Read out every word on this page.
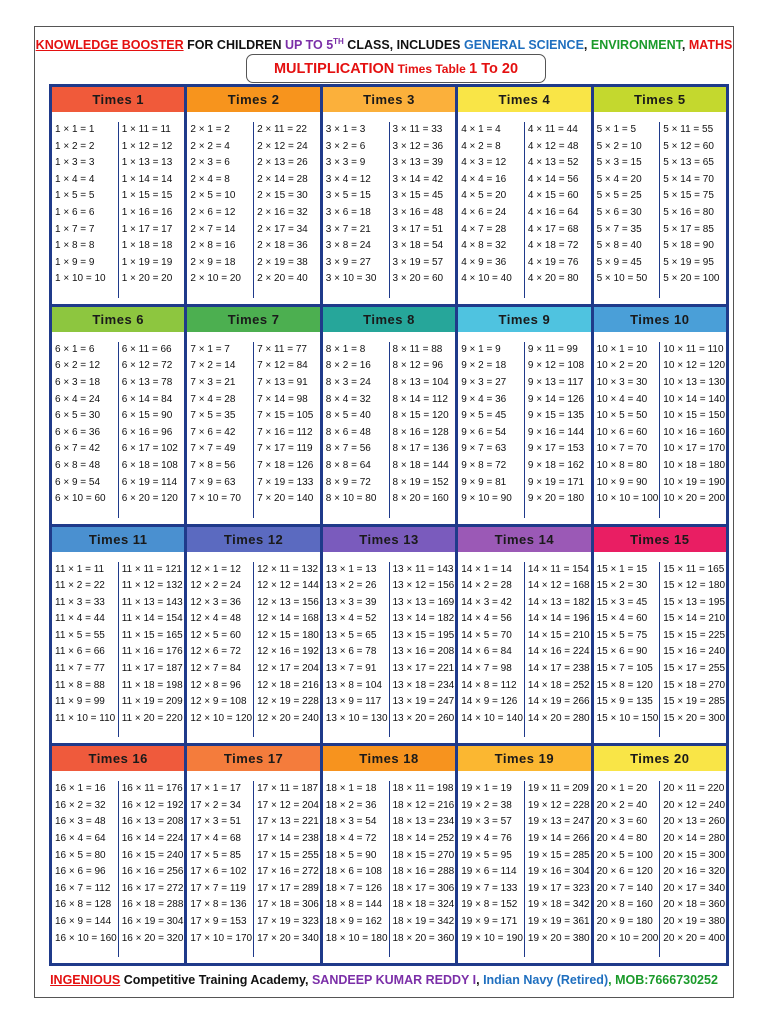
KNOWLEDGE BOOSTER FOR CHILDREN UP TO 5TH CLASS, INCLUDES GENERAL SCIENCE, ENVIRONMENT, MATHS
MULTIPLICATION Times Table 1 To 20
Times 1
1 × 1 = 1
1 × 2 = 2
1 × 3 = 3
1 × 4 = 4
1 × 5 = 5
1 × 6 = 6
1 × 7 = 7
1 × 8 = 8
1 × 9 = 9
1 × 10 = 10
1 × 11 = 11
1 × 12 = 12
1 × 13 = 13
1 × 14 = 14
1 × 15 = 15
1 × 16 = 16
1 × 17 = 17
1 × 18 = 18
1 × 19 = 19
1 × 20 = 20
Times 2
2 × 1 = 2
2 × 2 = 4
2 × 3 = 6
2 × 4 = 8
2 × 5 = 10
2 × 6 = 12
2 × 7 = 14
2 × 8 = 16
2 × 9 = 18
2 × 10 = 20
2 × 11 = 22
2 × 12 = 24
2 × 13 = 26
2 × 14 = 28
2 × 15 = 30
2 × 16 = 32
2 × 17 = 34
2 × 18 = 36
2 × 19 = 38
2 × 20 = 40
Times 3
3 × 1 = 3
3 × 2 = 6
3 × 3 = 9
3 × 4 = 12
3 × 5 = 15
3 × 6 = 18
3 × 7 = 21
3 × 8 = 24
3 × 9 = 27
3 × 10 = 30
3 × 11 = 33
3 × 12 = 36
3 × 13 = 39
3 × 14 = 42
3 × 15 = 45
3 × 16 = 48
3 × 17 = 51
3 × 18 = 54
3 × 19 = 57
3 × 20 = 60
Times 4
4 × 1 = 4
4 × 2 = 8
4 × 3 = 12
4 × 4 = 16
4 × 5 = 20
4 × 6 = 24
4 × 7 = 28
4 × 8 = 32
4 × 9 = 36
4 × 10 = 40
4 × 11 = 44
4 × 12 = 48
4 × 13 = 52
4 × 14 = 56
4 × 15 = 60
4 × 16 = 64
4 × 17 = 68
4 × 18 = 72
4 × 19 = 76
4 × 20 = 80
Times 5
5 × 1 = 5
5 × 2 = 10
5 × 3 = 15
5 × 4 = 20
5 × 5 = 25
5 × 6 = 30
5 × 7 = 35
5 × 8 = 40
5 × 9 = 45
5 × 10 = 50
5 × 11 = 55
5 × 12 = 60
5 × 13 = 65
5 × 14 = 70
5 × 15 = 75
5 × 16 = 80
5 × 17 = 85
5 × 18 = 90
5 × 19 = 95
5 × 20 = 100
Times 6
6 × 1 = 6
6 × 2 = 12
6 × 3 = 18
6 × 4 = 24
6 × 5 = 30
6 × 6 = 36
6 × 7 = 42
6 × 8 = 48
6 × 9 = 54
6 × 10 = 60
6 × 11 = 66
6 × 12 = 72
6 × 13 = 78
6 × 14 = 84
6 × 15 = 90
6 × 16 = 96
6 × 17 = 102
6 × 18 = 108
6 × 19 = 114
6 × 20 = 120
Times 7
7 × 1 = 7
7 × 2 = 14
7 × 3 = 21
7 × 4 = 28
7 × 5 = 35
7 × 6 = 42
7 × 7 = 49
7 × 8 = 56
7 × 9 = 63
7 × 10 = 70
7 × 11 = 77
7 × 12 = 84
7 × 13 = 91
7 × 14 = 98
7 × 15 = 105
7 × 16 = 112
7 × 17 = 119
7 × 18 = 126
7 × 19 = 133
7 × 20 = 140
Times 8
8 × 1 = 8
8 × 2 = 16
8 × 3 = 24
8 × 4 = 32
8 × 5 = 40
8 × 6 = 48
8 × 7 = 56
8 × 8 = 64
8 × 9 = 72
8 × 10 = 80
8 × 11 = 88
8 × 12 = 96
8 × 13 = 104
8 × 14 = 112
8 × 15 = 120
8 × 16 = 128
8 × 17 = 136
8 × 18 = 144
8 × 19 = 152
8 × 20 = 160
Times 9
9 × 1 = 9
9 × 2 = 18
9 × 3 = 27
9 × 4 = 36
9 × 5 = 45
9 × 6 = 54
9 × 7 = 63
9 × 8 = 72
9 × 9 = 81
9 × 10 = 90
9 × 11 = 99
9 × 12 = 108
9 × 13 = 117
9 × 14 = 126
9 × 15 = 135
9 × 16 = 144
9 × 17 = 153
9 × 18 = 162
9 × 19 = 171
9 × 20 = 180
Times 10
10 × 1 = 10
10 × 2 = 20
10 × 3 = 30
10 × 4 = 40
10 × 5 = 50
10 × 6 = 60
10 × 7 = 70
10 × 8 = 80
10 × 9 = 90
10 × 10 = 100
10 × 11 = 110
10 × 12 = 120
10 × 13 = 130
10 × 14 = 140
10 × 15 = 150
10 × 16 = 160
10 × 17 = 170
10 × 18 = 180
10 × 19 = 190
10 × 20 = 200
Times 11
11 × 1 = 11
11 × 2 = 22
11 × 3 = 33
11 × 4 = 44
11 × 5 = 55
11 × 6 = 66
11 × 7 = 77
11 × 8 = 88
11 × 9 = 99
11 × 10 = 110
11 × 11 = 121
11 × 12 = 132
11 × 13 = 143
11 × 14 = 154
11 × 15 = 165
11 × 16 = 176
11 × 17 = 187
11 × 18 = 198
11 × 19 = 209
11 × 20 = 220
Times 12
12 × 1 = 12
12 × 2 = 24
12 × 3 = 36
12 × 4 = 48
12 × 5 = 60
12 × 6 = 72
12 × 7 = 84
12 × 8 = 96
12 × 9 = 108
12 × 10 = 120
12 × 11 = 132
12 × 12 = 144
12 × 13 = 156
12 × 14 = 168
12 × 15 = 180
12 × 16 = 192
12 × 17 = 204
12 × 18 = 216
12 × 19 = 228
12 × 20 = 240
Times 13
13 × 1 = 13
13 × 2 = 26
13 × 3 = 39
13 × 4 = 52
13 × 5 = 65
13 × 6 = 78
13 × 7 = 91
13 × 8 = 104
13 × 9 = 117
13 × 10 = 130
13 × 11 = 143
13 × 12 = 156
13 × 13 = 169
13 × 14 = 182
13 × 15 = 195
13 × 16 = 208
13 × 17 = 221
13 × 18 = 234
13 × 19 = 247
13 × 20 = 260
Times 14
14 × 1 = 14
14 × 2 = 28
14 × 3 = 42
14 × 4 = 56
14 × 5 = 70
14 × 6 = 84
14 × 7 = 98
14 × 8 = 112
14 × 9 = 126
14 × 10 = 140
14 × 11 = 154
14 × 12 = 168
14 × 13 = 182
14 × 14 = 196
14 × 15 = 210
14 × 16 = 224
14 × 17 = 238
14 × 18 = 252
14 × 19 = 266
14 × 20 = 280
Times 15
15 × 1 = 15
15 × 2 = 30
15 × 3 = 45
15 × 4 = 60
15 × 5 = 75
15 × 6 = 90
15 × 7 = 105
15 × 8 = 120
15 × 9 = 135
15 × 10 = 150
15 × 11 = 165
15 × 12 = 180
15 × 13 = 195
15 × 14 = 210
15 × 15 = 225
15 × 16 = 240
15 × 17 = 255
15 × 18 = 270
15 × 19 = 285
15 × 20 = 300
Times 16
16 × 1 = 16
16 × 2 = 32
16 × 3 = 48
16 × 4 = 64
16 × 5 = 80
16 × 6 = 96
16 × 7 = 112
16 × 8 = 128
16 × 9 = 144
16 × 10 = 160
16 × 11 = 176
16 × 12 = 192
16 × 13 = 208
16 × 14 = 224
16 × 15 = 240
16 × 16 = 256
16 × 17 = 272
16 × 18 = 288
16 × 19 = 304
16 × 20 = 320
Times 17
17 × 1 = 17
17 × 2 = 34
17 × 3 = 51
17 × 4 = 68
17 × 5 = 85
17 × 6 = 102
17 × 7 = 119
17 × 8 = 136
17 × 9 = 153
17 × 10 = 170
17 × 11 = 187
17 × 12 = 204
17 × 13 = 221
17 × 14 = 238
17 × 15 = 255
17 × 16 = 272
17 × 17 = 289
17 × 18 = 306
17 × 19 = 323
17 × 20 = 340
Times 18
18 × 1 = 18
18 × 2 = 36
18 × 3 = 54
18 × 4 = 72
18 × 5 = 90
18 × 6 = 108
18 × 7 = 126
18 × 8 = 144
18 × 9 = 162
18 × 10 = 180
18 × 11 = 198
18 × 12 = 216
18 × 13 = 234
18 × 14 = 252
18 × 15 = 270
18 × 16 = 288
18 × 17 = 306
18 × 18 = 324
18 × 19 = 342
18 × 20 = 360
Times 19
19 × 1 = 19
19 × 2 = 38
19 × 3 = 57
19 × 4 = 76
19 × 5 = 95
19 × 6 = 114
19 × 7 = 133
19 × 8 = 152
19 × 9 = 171
19 × 10 = 190
19 × 11 = 209
19 × 12 = 228
19 × 13 = 247
19 × 14 = 266
19 × 15 = 285
19 × 16 = 304
19 × 17 = 323
19 × 18 = 342
19 × 19 = 361
19 × 20 = 380
Times 20
20 × 1 = 20
20 × 2 = 40
20 × 3 = 60
20 × 4 = 80
20 × 5 = 100
20 × 6 = 120
20 × 7 = 140
20 × 8 = 160
20 × 9 = 180
20 × 10 = 200
20 × 11 = 220
20 × 12 = 240
20 × 13 = 260
20 × 14 = 280
20 × 15 = 300
20 × 16 = 320
20 × 17 = 340
20 × 18 = 360
20 × 19 = 380
20 × 20 = 400
INGENIOUS Competitive Training Academy, SANDEEP KUMAR REDDY I, Indian Navy (Retired), MOB:7666730252
